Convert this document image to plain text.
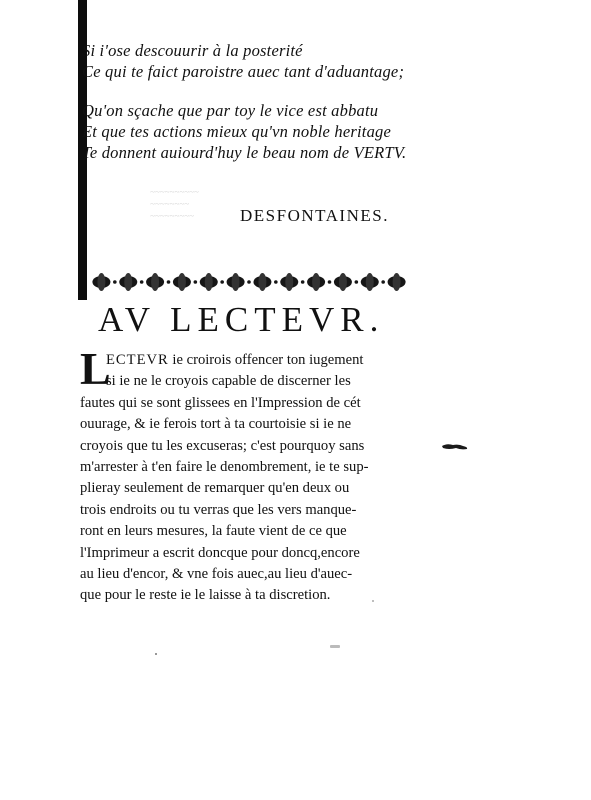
Si i'ose descouurir à la posterité
Ce qui te faict paroistre auec tant d'aduantage;
Qu'on sçache que par toy le vice est abbatu
Et que tes actions mieux qu'vn noble heritage
Te donnent auiourd'huy le beau nom de VERTV.
~~~~~~~~~~
~~~~~~~~
~~~~~~~~~	DESFONTAINES.
AV LECTEVR.
L
ECTEVR ie croirois offencer ton iugement
si ie ne le croyois capable de discerner les
fautes qui se sont glissees en l'Impression de cét
ouurage, & ie ferois tort à ta courtoisie si ie ne
croyois que tu les excuseras; c'est pourquoy sans
m'arrester à t'en faire le denombrement, ie te sup-
plieray seulement de remarquer qu'en deux ou
trois endroits ou tu verras que les vers manque-
ront en leurs mesures, la faute vient de ce que
l'Imprimeur a escrit doncque pour doncq,encore
au lieu d'encor, & vne fois auec,au lieu d'auec-
que pour le reste ie le laisse à ta discretion.
